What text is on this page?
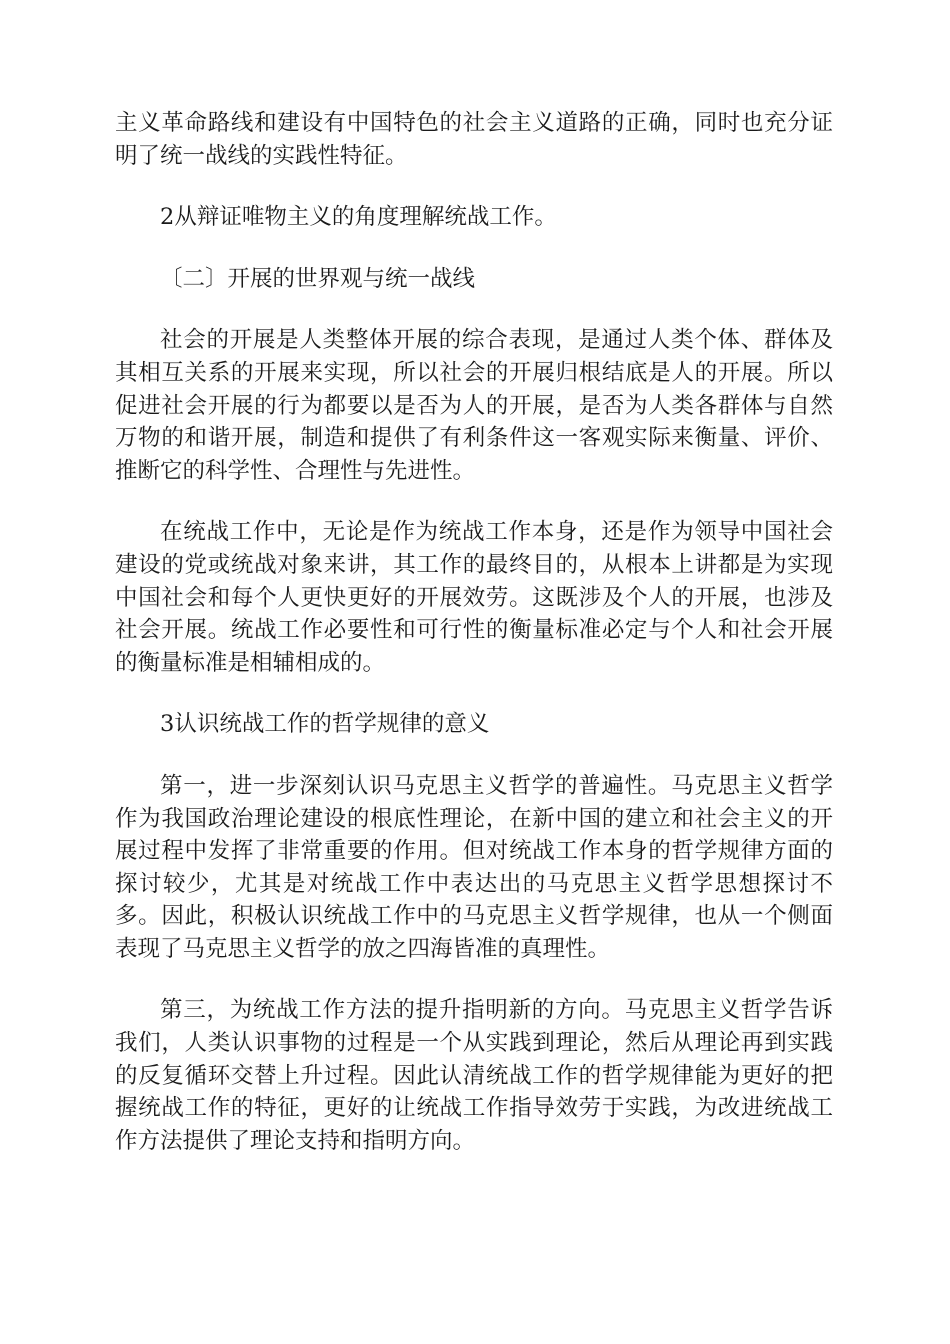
主义革命路线和建设有中国特色的社会主义道路的正确，同时也充分证明了统一战线的实践性特征。

2从辩证唯物主义的角度理解统战工作。

〔二〕开展的世界观与统一战线

社会的开展是人类整体开展的综合表现，是通过人类个体、群体及其相互关系的开展来实现，所以社会的开展归根结底是人的开展。所以促进社会开展的行为都要以是否为人的开展，是否为人类各群体与自然万物的和谐开展，制造和提供了有利条件这一客观实际来衡量、评价、推断它的科学性、合理性与先进性。

在统战工作中，无论是作为统战工作本身，还是作为领导中国社会建设的党或统战对象来讲，其工作的最终目的，从根本上讲都是为实现中国社会和每个人更快更好的开展效劳。这既涉及个人的开展，也涉及社会开展。统战工作必要性和可行性的衡量标准必定与个人和社会开展的衡量标准是相辅相成的。

3认识统战工作的哲学规律的意义

第一，进一步深刻认识马克思主义哲学的普遍性。马克思主义哲学作为我国政治理论建设的根底性理论，在新中国的建立和社会主义的开展过程中发挥了非常重要的作用。但对统战工作本身的哲学规律方面的探讨较少，尤其是对统战工作中表达出的马克思主义哲学思想探讨不多。因此，积极认识统战工作中的马克思主义哲学规律，也从一个侧面表现了马克思主义哲学的放之四海皆准的真理性。

第三，为统战工作方法的提升指明新的方向。马克思主义哲学告诉我们，人类认识事物的过程是一个从实践到理论，然后从理论再到实践的反复循环交替上升过程。因此认清统战工作的哲学规律能为更好的把握统战工作的特征，更好的让统战工作指导效劳于实践，为改进统战工作方法提供了理论支持和指明方向。
